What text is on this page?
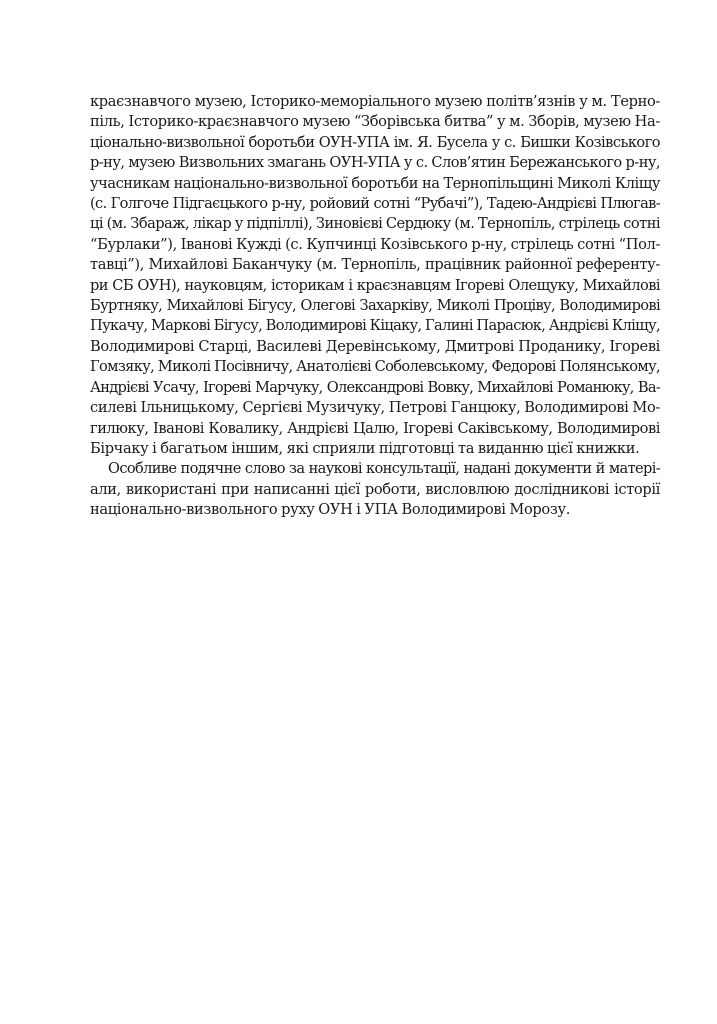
краєзнавчого музею, Історико-меморіального музею політв’язнів у м. Терно-
піль, Історико-краєзнавчого музею “Зборівська битва” у м. Зборів, музею На-
ціонально-визвольної боротьби ОУН-УПА ім. Я. Бусела у с. Бишки Козівського
р-ну, музею Визвольних змагань ОУН-УПА у с. Слов’ятин Бережанського р-ну,
учасникам національно-визвольної боротьби на Тернопільщині Миколі Кліщу
(с. Голгоче Підгаєцького р-ну, ройовий сотні “Рубачі”), Тадею-Андрієві Плюгав-
ці (м. Збараж, лікар у підпіллі), Зиновієві Сердюку (м. Тернопіль, стрілець сотні
“Бурлаки”), Іванові Кужді (с. Купчинці Козівського р-ну, стрілець сотні “Пол-
тавці”), Михайлові Баканчуку (м. Тернопіль, працівник районної референту-
ри СБ ОУН), науковцям, історикам і краєзнавцям Ігореві Олещуку, Михайлові
Буртняку, Михайлові Бігусу, Олегові Захарківу, Миколі Проціву, Володимирові
Пукачу, Маркові Бігусу, Володимирові Кіцаку, Галині Парасюк, Андрієві Кліщу,
Володимирові Старці, Василеві Деревінському, Дмитрові Проданику, Ігореві
Гомзяку, Миколі Посівничу, Анатолієві Соболевському, Федорові Полянському,
Андрієві Усачу, Ігореві Марчуку, Олександрові Вовку, Михайлові Романюку, Ва-
силеві Ільницькому, Сергієві Музичуку, Петрові Ганцюку, Володимирові Мо-
гилюку, Іванові Ковалику, Андрієві Цалю, Ігореві Саківському, Володимирові
Бірчаку і багатьом іншим, які сприяли підготовці та виданню цієї книжки.
Особливе подячне слово за наукові консультації, надані документи й матері-
али, використані при написанні цієї роботи, висловлюю дослідникові історії
національно-визвольного руху ОУН і УПА Володимирові Морозу.
